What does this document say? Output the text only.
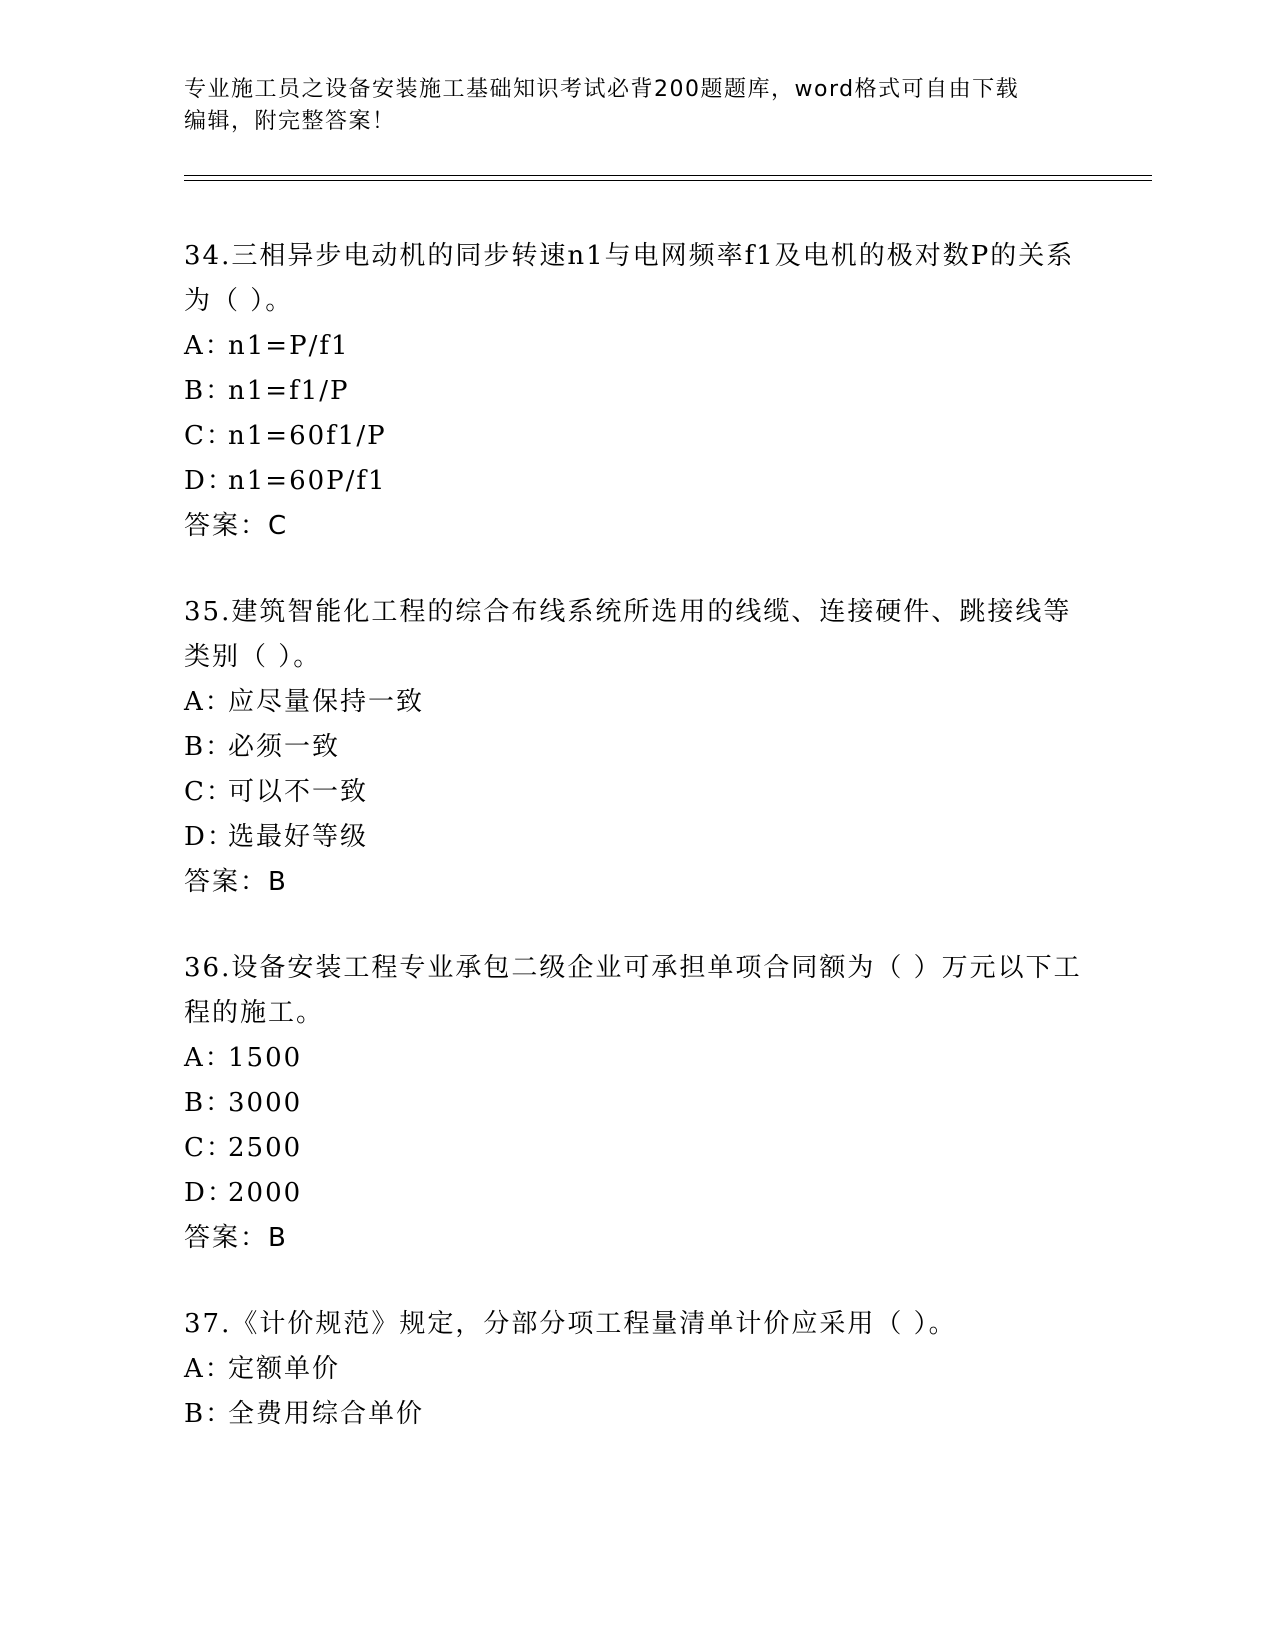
专业施工员之设备安装施工基础知识考试必背200题题库，word格式可自由下载
编辑，附完整答案！
34.三相异步电动机的同步转速n1与电网频率f1及电机的极对数P的关系为（ ）。
A：
n1=P/f1
B：
n1=f1/P
C：
n1=60f1/P
D：
n1=60P/f1
答案：C
35.建筑智能化工程的综合布线系统所选用的线缆、连接硬件、跳接线等类别（ ）。
A：
应尽量保持一致
B：
必须一致
C：
可以不一致
D：
选最好等级
答案：B
36.设备安装工程专业承包二级企业可承担单项合同额为（ ）万元以下工程的施工。
A：
1500
B：
3000
C：
2500
D：
2000
答案：B
37.《计价规范》规定，分部分项工程量清单计价应采用（ ）。
A：
定额单价
B：
全费用综合单价
